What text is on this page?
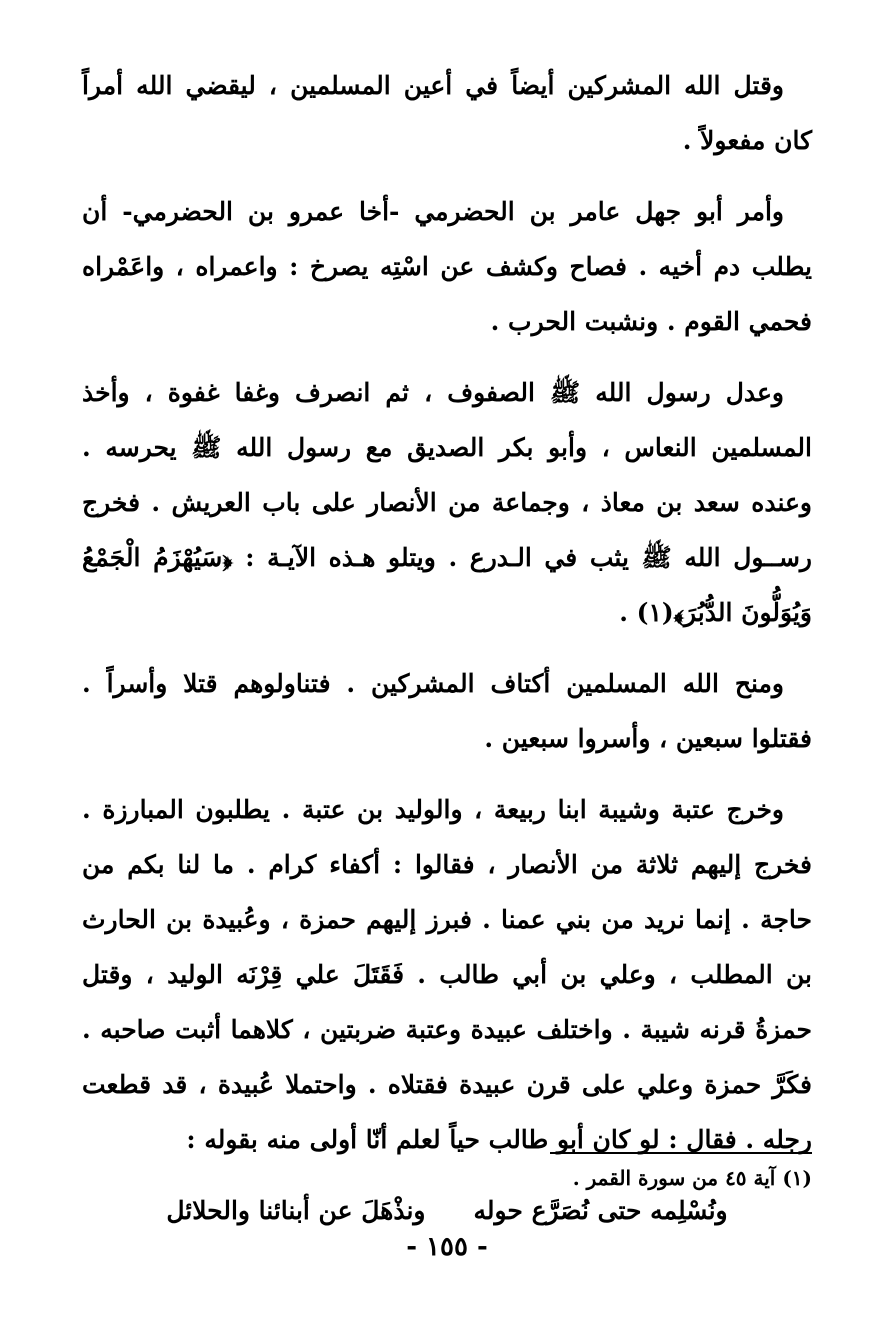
وقتل الله المشركين أيضاً في أعين المسلمين ، ليقضي الله أمراً كان مفعولاً .

وأمر أبو جهل عامر بن الحضرمي -أخا عمرو بن الحضرمي- أن يطلب دم أخيه . فصاح وكشف عن اسْتِه يصرخ : واعمراه ، واعَمْراه فحمي القوم . ونشبت الحرب .

وعدل رسول الله ﷺ الصفوف ، ثم انصرف وغفا غفوة ، وأخذ المسلمين النعاس ، وأبو بكر الصديق مع رسول الله ﷺ يحرسه . وعنده سعد بن معاذ ، وجماعة من الأنصار على باب العريش . فخرج رســول الله ﷺ يثب في الـدرع . ويتلو هـذه الآيـة : ﴿سَيُهْزَمُ الْجَمْعُ وَيُوَلُّونَ الدُّبُرَ﴾(١) .

ومنح الله المسلمين أكتاف المشركين . فتناولوهم قتلا وأسراً . فقتلوا سبعين ، وأسروا سبعين .

وخرج عتبة وشيبة ابنا ربيعة ، والوليد بن عتبة . يطلبون المبارزة . فخرج إليهم ثلاثة من الأنصار ، فقالوا : أكفاء كرام . ما لنا بكم من حاجة . إنما نريد من بني عمنا . فبرز إليهم حمزة ، وعُبيدة بن الحارث بن المطلب ، وعلي بن أبي طالب . فَقَتَلَ علي قِرْنَه الوليد ، وقتل حمزةُ قرنه شيبة . واختلف عبيدة وعتبة ضربتين ، كلاهما أثبت صاحبه . فكَرَّ حمزة وعلي على قرن عبيدة فقتلاه . واحتملا عُبيدة ، قد قطعت رجله . فقال : لو كان أبو طالب حياً لعلم أنّا أولى منه بقوله :

ونُسْلِمه حتى نُصَرَّع حوله
ونذْهَلَ عن أبنائنا والحلائل
(١) آية ٤٥ من سورة القمر .
- ١٥٥ -
